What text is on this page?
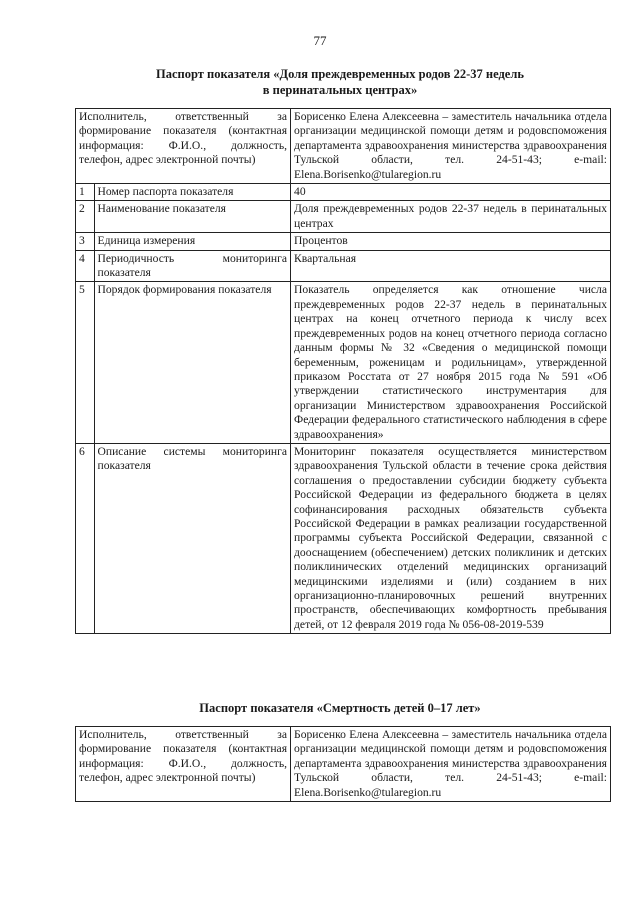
77
Паспорт показателя «Доля преждевременных родов 22-37 недель
в перинатальных центрах»
Исполнитель, ответственный за формирование показателя (контактная информация: Ф.И.О., должность, телефон, адрес электронной почты)		Борисенко Елена Алексеевна – заместитель начальника отдела организации медицинской помощи детям и родовспоможения департамента здравоохранения министерства здравоохранения Тульской области, тел. 24-51-43; e-mail: Elena.Borisenko@tularegion.ru
1	Номер паспорта показателя	40
2	Наименование показателя	Доля преждевременных родов 22-37 недель в перинатальных центрах
3	Единица измерения	Процентов
4	Периодичность мониторинга показателя	Квартальная
5	Порядок формирования показателя	Показатель определяется как отношение числа преждевременных родов 22-37 недель в перинатальных центрах на конец отчетного периода к числу всех преждевременных родов на конец отчетного периода согласно данным формы № 32 «Сведения о медицинской помощи беременным, роженицам и родильницам», утвержденной приказом Росстата от 27 ноября 2015 года № 591 «Об утверждении статистического инструментария для организации Министерством здравоохранения Российской Федерации федерального статистического наблюдения в сфере здравоохранения»
6	Описание системы мониторинга показателя	Мониторинг показателя осуществляется министерством здравоохранения Тульской области в течение срока действия соглашения о предоставлении субсидии бюджету субъекта Российской Федерации из федерального бюджета в целях софинансирования расходных обязательств субъекта Российской Федерации в рамках реализации государственной программы субъекта Российской Федерации, связанной с дооснащением (обеспечением) детских поликлиник и детских поликлинических отделений медицинских организаций медицинскими изделиями и (или) созданием в них организационно-планировочных решений внутренних пространств, обеспечивающих комфортность пребывания детей, от 12 февраля 2019 года № 056-08-2019-539
Паспорт показателя «Смертность детей 0–17 лет»
Исполнитель, ответственный за формирование показателя (контактная информация: Ф.И.О., должность, телефон, адрес электронной почты)	Борисенко Елена Алексеевна – заместитель начальника отдела организации медицинской помощи детям и родовспоможения департамента здравоохранения министерства здравоохранения Тульской области, тел. 24-51-43; e-mail: Elena.Borisenko@tularegion.ru
